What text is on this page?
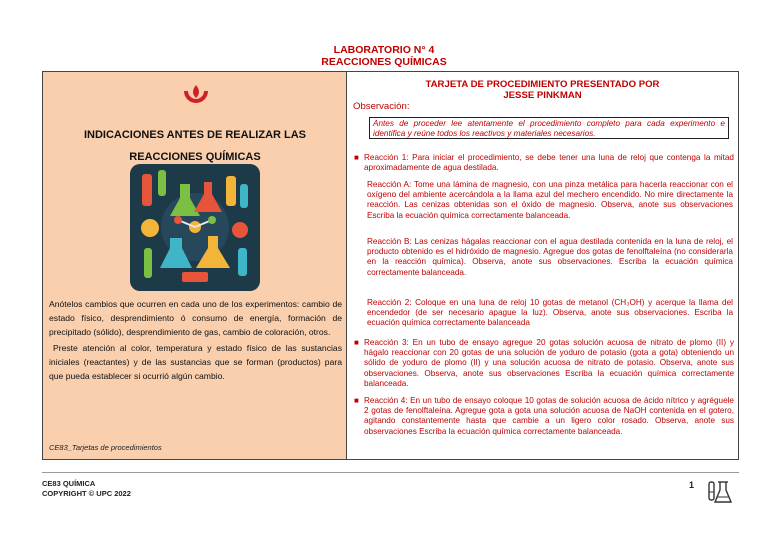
LABORATORIO N° 4
REACCIONES QUÍMICAS
INDICACIONES ANTES DE REALIZAR LAS
REACCIONES QUÍMICAS

Anótelos cambios que ocurren en cada uno de los experimentos: cambio de estado físico, desprendimiento ó consumo de energía, formación de precipitado (sólido), desprendimiento de gas, cambio de coloración, otros.

Preste atención al color, temperatura y estado físico de las sustancias iniciales (reactantes) y de las sustancias que se forman (productos) para que pueda establecer si ocurrió algún cambio.

CE83_Tarjetas de procedimientos
TARJETA DE PROCEDIMIENTO PRESENTADO POR
JESSE PINKMAN
Observación:
Antes de proceder lee atentamente el procedimiento completo para cada experimento e identifica y reúne todos los reactivos y materiales necesarios.
■ Reacción 1: Para iniciar el procedimiento, se debe tener una luna de reloj que contenga la mitad aproximadamente de agua destilada.
Reacción A: Tome una lámina de magnesio, con una pinza metálica para hacerla reaccionar con el oxígeno del ambiente acercándola a la llama azul del mechero encendido. No mire directamente la reacción. Las cenizas obtenidas son el óxido de magnesio. Observa, anote sus observaciones Escriba la ecuación química correctamente balanceada.
Reacción B: Las cenizas hágalas reaccionar con el agua destilada contenida en la luna de reloj, el producto obtenido es el hidróxido de magnesio. Agregue dos gotas de fenolftaleína (no considerarla en la reacción química). Observa, anote sus observaciones. Escriba la ecuación química correctamente balanceada.
Reacción 2: Coloque en una luna de reloj 10 gotas de metanol (CH₃OH) y acerque la llama del encendedor (de ser necesario apague la luz). Observa, anote sus observaciones. Escriba la ecuación química correctamente balanceada
■ Reacción 3: En un tubo de ensayo agregue 20 gotas solución acuosa de nitrato de plomo (II) y hágalo reaccionar con 20 gotas de una solución de yoduro de potasio (gota a gota) obteniendo un sólido de yoduro de plomo (II) y una solución acuosa de nitrato de potasio. Observa, anote sus observaciones. Observa, anote sus observaciones Escriba la ecuación química correctamente balanceada.
■ Reacción 4: En un tubo de ensayo coloque 10 gotas de solución acuosa de ácido nítrico y agréguele 2 gotas de fenolftaleína. Agregue gota a gota una solución acuosa de NaOH contenida en el gotero, agitando constantemente hasta que cambie a un ligero color rosado. Observa, anote sus observaciones Escriba la ecuación química correctamente balanceada.
CE83 QUÍMICA
COPYRIGHT © UPC 2022
1
